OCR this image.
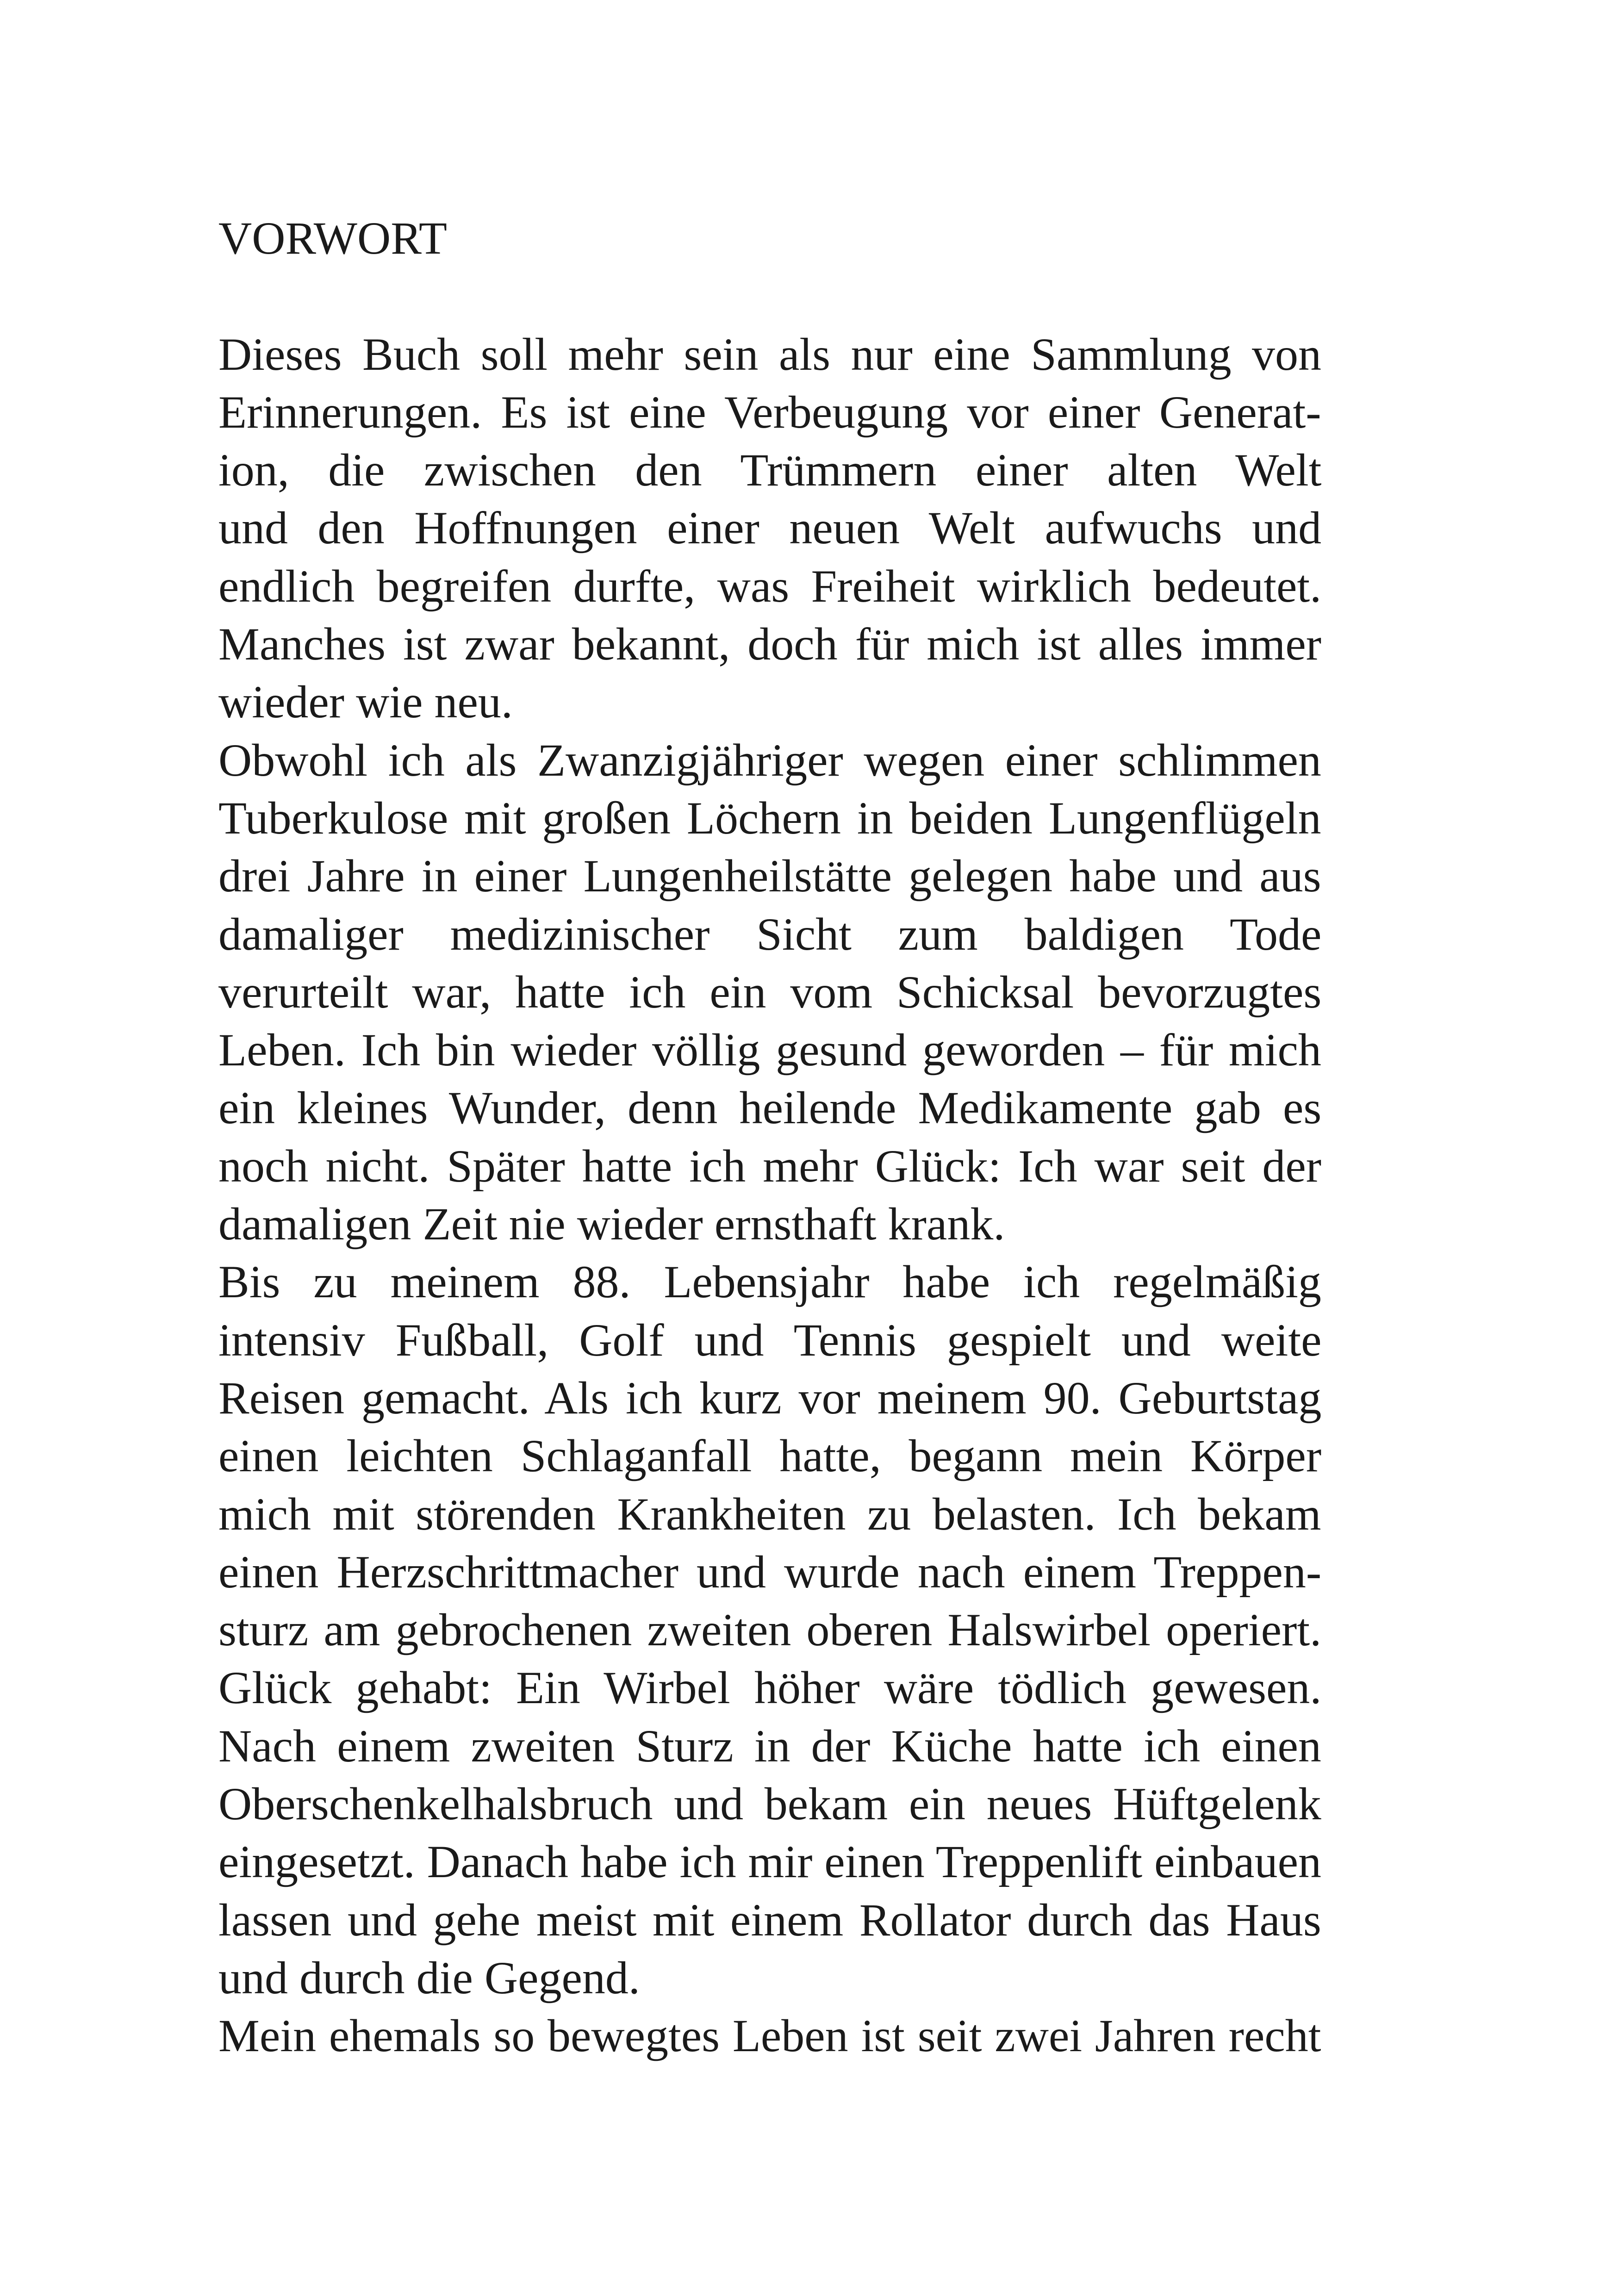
VORWORT
Dieses Buch soll mehr sein als nur eine Sammlung von
Erinnerungen. Es ist eine Verbeugung vor einer Generat-
ion, die zwischen den Trümmern einer alten Welt
und den Hoffnungen einer neuen Welt aufwuchs und
endlich begreifen durfte, was Freiheit wirklich bedeutet.
Manches ist zwar bekannt, doch für mich ist alles immer
wieder wie neu.
Obwohl ich als Zwanzigjähriger wegen einer schlimmen
Tuberkulose mit großen Löchern in beiden Lungenflügeln
drei Jahre in einer Lungenheilstätte gelegen habe und aus
damaliger medizinischer Sicht zum baldigen Tode
verurteilt war, hatte ich ein vom Schicksal bevorzugtes
Leben. Ich bin wieder völlig gesund geworden – für mich
ein kleines Wunder, denn heilende Medikamente gab es
noch nicht. Später hatte ich mehr Glück: Ich war seit der
damaligen Zeit nie wieder ernsthaft krank.
Bis zu meinem 88. Lebensjahr habe ich regelmäßig
intensiv Fußball, Golf und Tennis gespielt und weite
Reisen gemacht. Als ich kurz vor meinem 90. Geburtstag
einen leichten Schlaganfall hatte, begann mein Körper
mich mit störenden Krankheiten zu belasten. Ich bekam
einen Herzschrittmacher und wurde nach einem Treppen-
sturz am gebrochenen zweiten oberen Halswirbel operiert.
Glück gehabt: Ein Wirbel höher wäre tödlich gewesen.
Nach einem zweiten Sturz in der Küche hatte ich einen
Oberschenkelhalsbruch und bekam ein neues Hüftgelenk
eingesetzt. Danach habe ich mir einen Treppenlift einbauen
lassen und gehe meist mit einem Rollator durch das Haus
und durch die Gegend.
Mein ehemals so bewegtes Leben ist seit zwei Jahren recht
